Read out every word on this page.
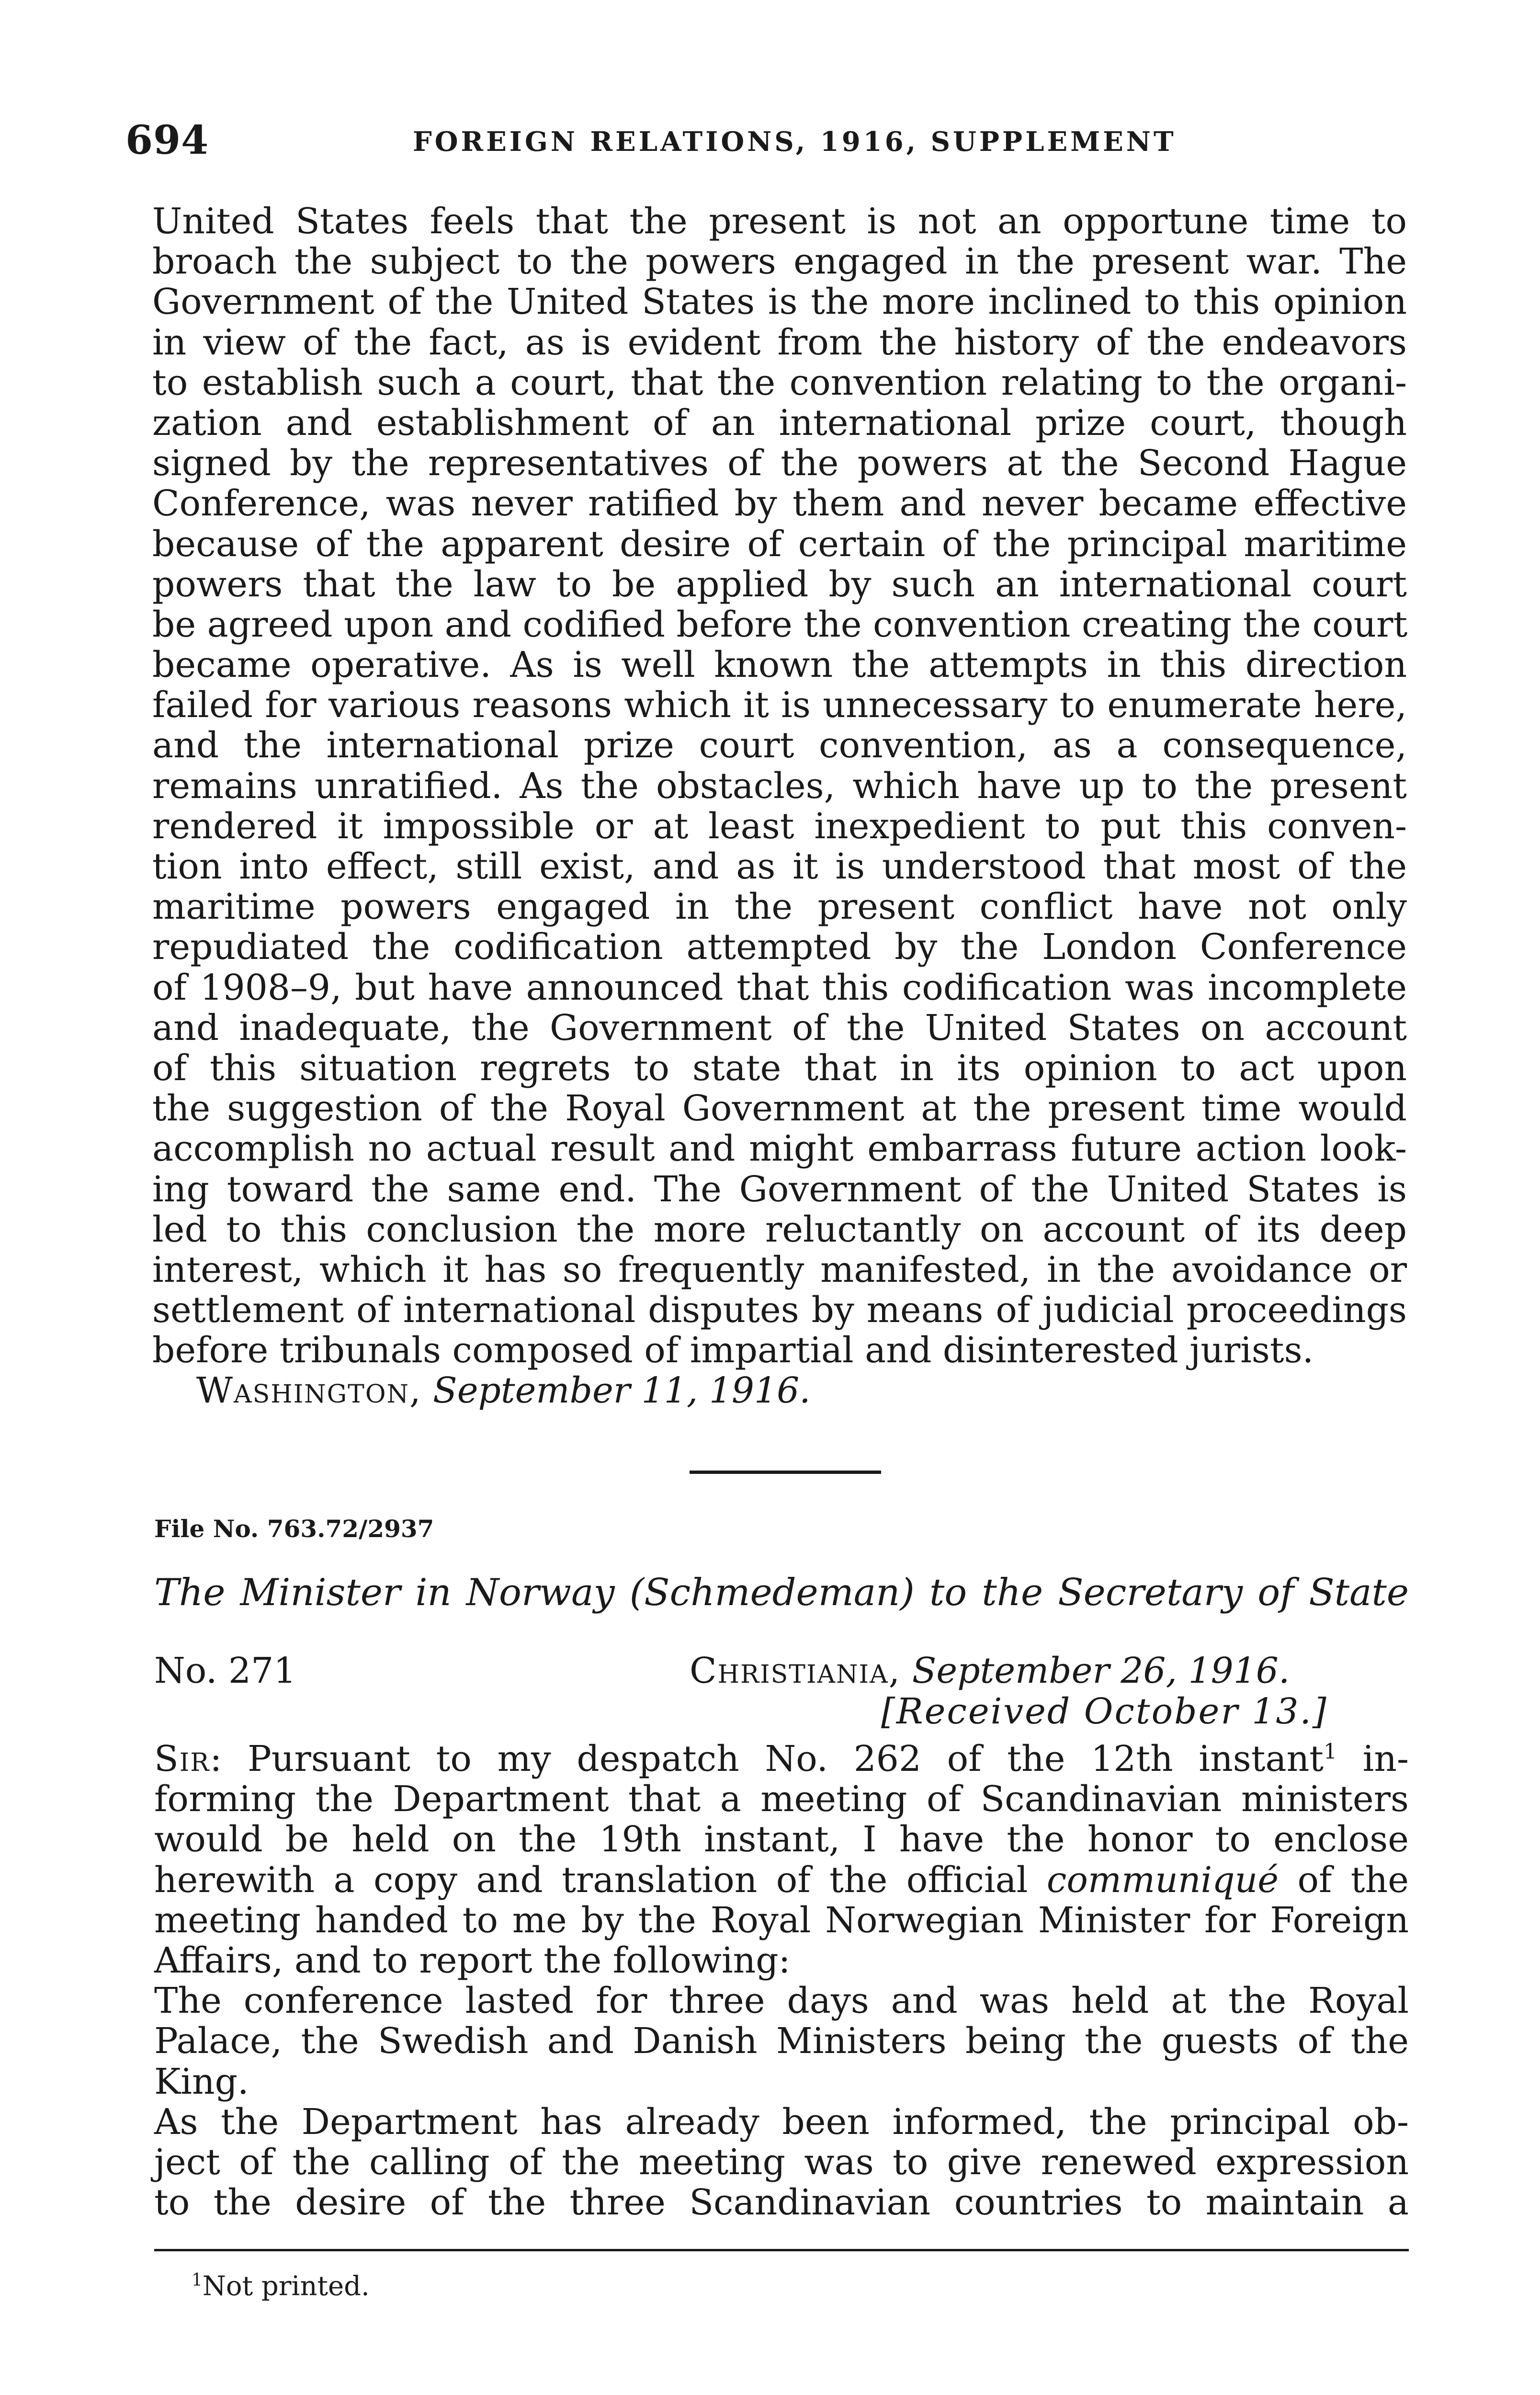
694	FOREIGN RELATIONS, 1916, SUPPLEMENT
United States feels that the present is not an opportune time to
broach the subject to the powers engaged in the present war. The
Government of the United States is the more inclined to this opinion
in view of the fact, as is evident from the history of the endeavors
to establish such a court, that the convention relating to the organi-
zation and establishment of an international prize court, though
signed by the representatives of the powers at the Second Hague
Conference, was never ratified by them and never became effective
because of the apparent desire of certain of the principal maritime
powers that the law to be applied by such an international court
be agreed upon and codified before the convention creating the court
became operative. As is well known the attempts in this direction
failed for various reasons which it is unnecessary to enumerate here,
and the international prize court convention, as a consequence,
remains unratified. As the obstacles, which have up to the present
rendered it impossible or at least inexpedient to put this conven-
tion into effect, still exist, and as it is understood that most of the
maritime powers engaged in the present conflict have not only
repudiated the codification attempted by the London Conference
of 1908–9, but have announced that this codification was incomplete
and inadequate, the Government of the United States on account
of this situation regrets to state that in its opinion to act upon
the suggestion of the Royal Government at the present time would
accomplish no actual result and might embarrass future action look-
ing toward the same end. The Government of the United States is
led to this conclusion the more reluctantly on account of its deep
interest, which it has so frequently manifested, in the avoidance or
settlement of international disputes by means of judicial proceedings
before tribunals composed of impartial and disinterested jurists.
Washington, September 11, 1916.
File No. 763.72/2937
The Minister in Norway (Schmedeman) to the Secretary of State
No. 271	Christiania, September 26, 1916.
[Received October 13.]
Sir: Pursuant to my despatch No. 262 of the 12th instant$^1$ in-
forming the Department that a meeting of Scandinavian ministers
would be held on the 19th instant, I have the honor to enclose
herewith a copy and translation of the official communiqué of the
meeting handed to me by the Royal Norwegian Minister for Foreign
Affairs, and to report the following:
The conference lasted for three days and was held at the Royal
Palace, the Swedish and Danish Ministers being the guests of the
King.
As the Department has already been informed, the principal ob-
ject of the calling of the meeting was to give renewed expression
to the desire of the three Scandinavian countries to maintain a
$^1$Not printed.
